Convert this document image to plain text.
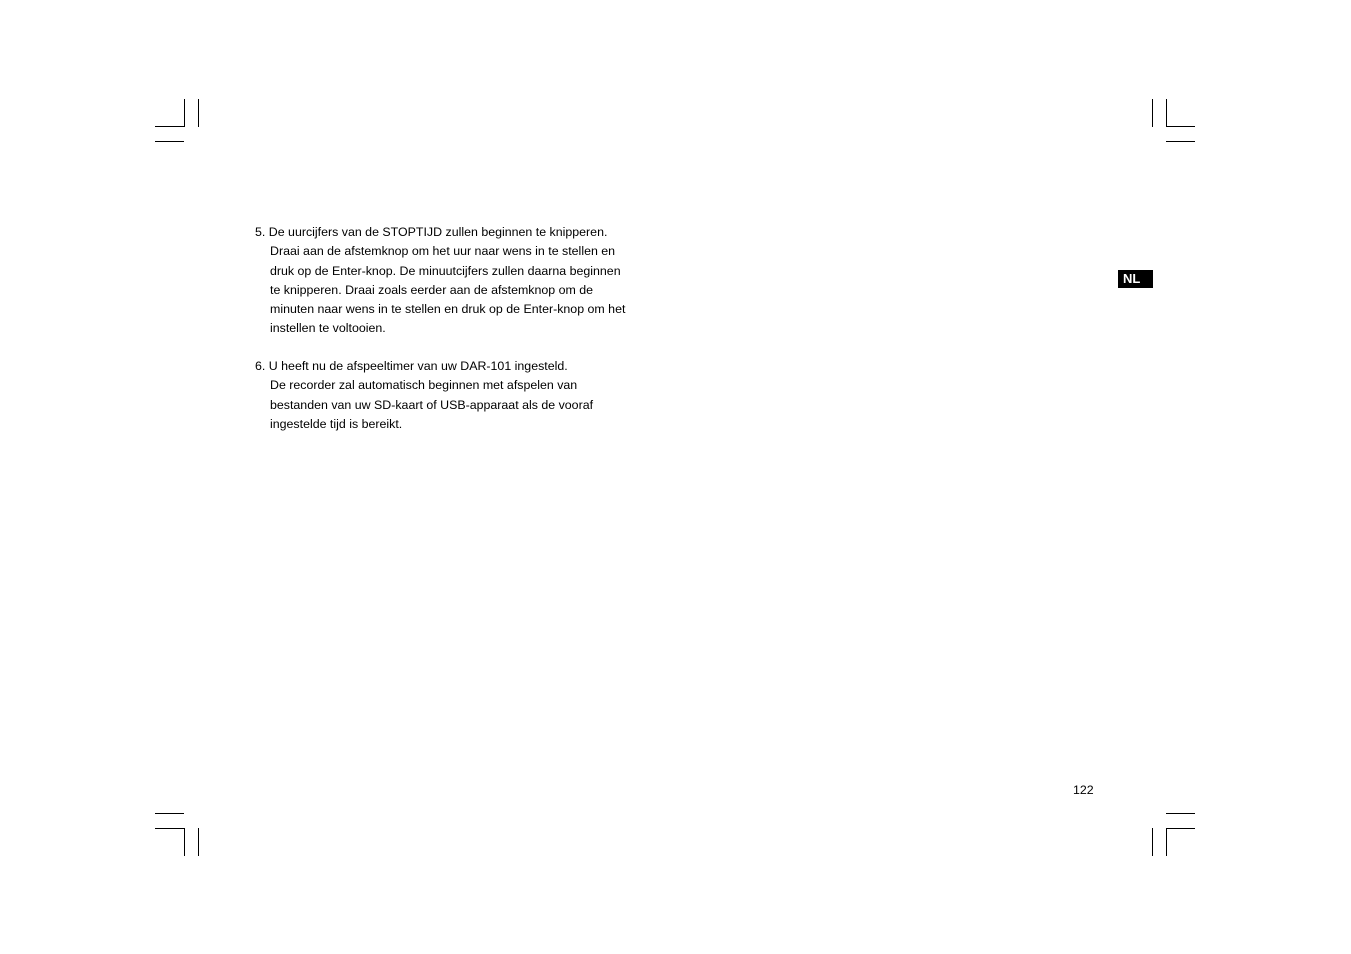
5. De uurcijfers van de STOPTIJD zullen beginnen te knipperen.
Draai aan de afstemknop om het uur naar wens in te stellen en
druk op de Enter-knop. De minuutcijfers zullen daarna beginnen
te knipperen. Draai zoals eerder aan de afstemknop om de
minuten naar wens in te stellen en druk op de Enter-knop om het
instellen te voltooien.

6. U heeft nu de afspeeltimer van uw DAR-101 ingesteld.
De recorder zal automatisch beginnen met afspelen van
bestanden van uw SD-kaart of USB-apparaat als de vooraf
ingestelde tijd is bereikt.

NL
122
